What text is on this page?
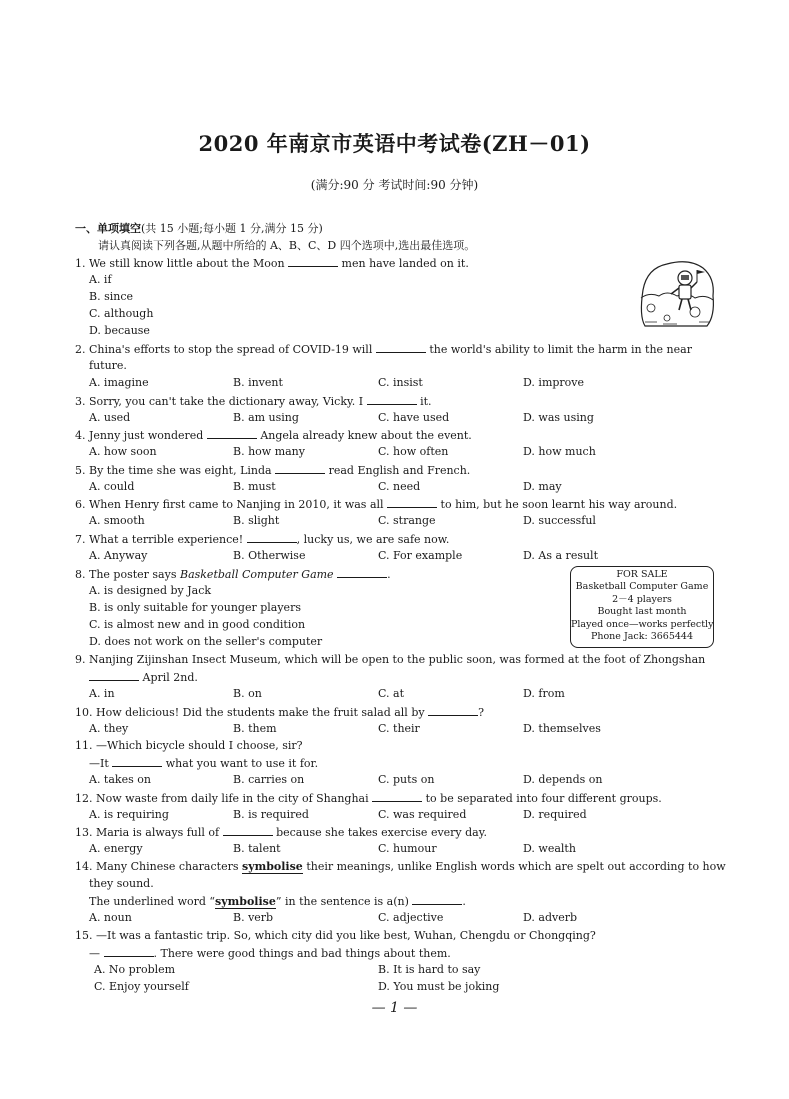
2020 年南京市英语中考试卷(ZH－01)
(满分:90 分 考试时间:90 分钟)
一、单项填空(共 15 小题;每小题 1 分,满分 15 分)
请认真阅读下列各题,从题中所给的 A、B、C、D 四个选项中,选出最佳选项。
1. We still know little about the Moon	men have landed on it.
A. if
B. since
C. although
D. because
2. China's efforts to stop the spread of COVID-19 will	the world's ability to limit the harm in the near
future.
A. imagine	B. invent	C. insist	D. improve
3. Sorry, you can't take the dictionary away, Vicky. I	it.
A. used	B. am using	C. have used	D. was using
4. Jenny just wondered	Angela already knew about the event.
A. how soon	B. how many	C. how often	D. how much
5. By the time she was eight, Linda	read English and French.
A. could	B. must	C. need	D. may
6. When Henry first came to Nanjing in 2010, it was all	to him, but he soon learnt his way around.
A. smooth	B. slight	C. strange	D. successful
7. What a terrible experience!	, lucky us, we are safe now.
A. Anyway	B. Otherwise	C. For example	D. As a result
8. The poster says Basketball Computer Game	.
A. is designed by Jack
B. is only suitable for younger players
C. is almost new and in good condition
D. does not work on the seller's computer
FOR SALE
Basketball Computer Game
2－4 players
Bought last month
Played once—works perfectly
Phone Jack: 3665444
9. Nanjing Zijinshan Insect Museum, which will be open to the public soon, was formed at the foot of Zhongshan
April 2nd.
A. in	B. on	C. at	D. from
10. How delicious! Did the students make the fruit salad all by	?
A. they	B. them	C. their	D. themselves
11. —Which bicycle should I choose, sir?
—It	what you want to use it for.
A. takes on	B. carries on	C. puts on	D. depends on
12. Now waste from daily life in the city of Shanghai	to be separated into four different groups.
A. is requiring	B. is required	C. was required	D. required
13. Maria is always full of	because she takes exercise every day.
A. energy	B. talent	C. humour	D. wealth
14. Many Chinese characters symbolise their meanings, unlike English words which are spelt out according to how
they sound.
The underlined word “symbolise” in the sentence is a(n)	.
A. noun	B. verb	C. adjective	D. adverb
15. —It was a fantastic trip. So, which city did you like best, Wuhan, Chengdu or Chongqing?
—	. There were good things and bad things about them.
A. No problem	B. It is hard to say
C. Enjoy yourself	D. You must be joking
— 1 —
